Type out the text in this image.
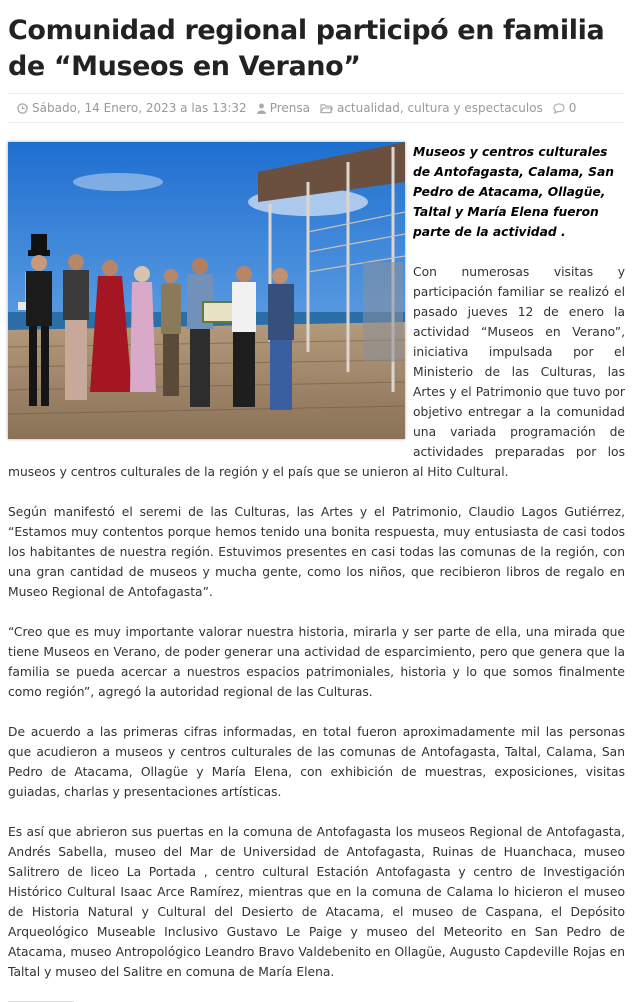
Comunidad regional participó en familia de “Museos en Verano”
Sábado, 14 Enero, 2023 a las 13:32 Prensa actualidad , cultura y espectaculos 0

Museos y centros culturales de Antofagasta, Calama, San Pedro de Atacama, Ollagüe, Taltal y María Elena fueron parte de la actividad .

Con numerosas visitas y participación familiar se realizó el pasado jueves 12 de enero la actividad “Museos en Verano”, iniciativa impulsada por el Ministerio de las Culturas, las Artes y el Patrimonio que tuvo por objetivo entregar a la comunidad una variada programación de actividades preparadas por los museos y centros culturales de la región y el país que se unieron al Hito Cultural.

Según manifestó el seremi de las Culturas, las Artes y el Patrimonio, Claudio Lagos Gutiérrez, “Estamos muy contentos porque hemos tenido una bonita respuesta, muy entusiasta de casi todos los habitantes de nuestra región. Estuvimos presentes en casi todas las comunas de la región, con una gran cantidad de museos y mucha gente, como los niños, que recibieron libros de regalo en Museo Regional de Antofagasta”.

“Creo que es muy importante valorar nuestra historia, mirarla y ser parte de ella, una mirada que tiene Museos en Verano, de poder generar una actividad de esparcimiento, pero que genera que la familia se pueda acercar a nuestros espacios patrimoniales, historia y lo que somos finalmente como región”, agregó la autoridad regional de las Culturas.

De acuerdo a las primeras cifras informadas, en total fueron aproximadamente mil las personas que acudieron a museos y centros culturales de las comunas de Antofagasta, Taltal, Calama, San Pedro de Atacama, Ollagüe y María Elena, con exhibición de muestras, exposiciones, visitas guiadas, charlas y presentaciones artísticas.

Es así que abrieron sus puertas en la comuna de Antofagasta los museos Regional de Antofagasta, Andrés Sabella, museo del Mar de Universidad de Antofagasta, Ruinas de Huanchaca, museo Salitrero de liceo La Portada , centro cultural Estación Antofagasta y centro de Investigación Histórico Cultural Isaac Arce Ramírez, mientras que en la comuna de Calama lo hicieron el museo de Historia Natural y Cultural del Desierto de Atacama, el museo de Caspana, el Depósito Arqueológico Museable Inclusivo Gustavo Le Paige y museo del Meteorito en San Pedro de Atacama, museo Antropológico Leandro Bravo Valdebenito en Ollagüe, Augusto Capdeville Rojas en Taltal y museo del Salitre en comuna de María Elena.
